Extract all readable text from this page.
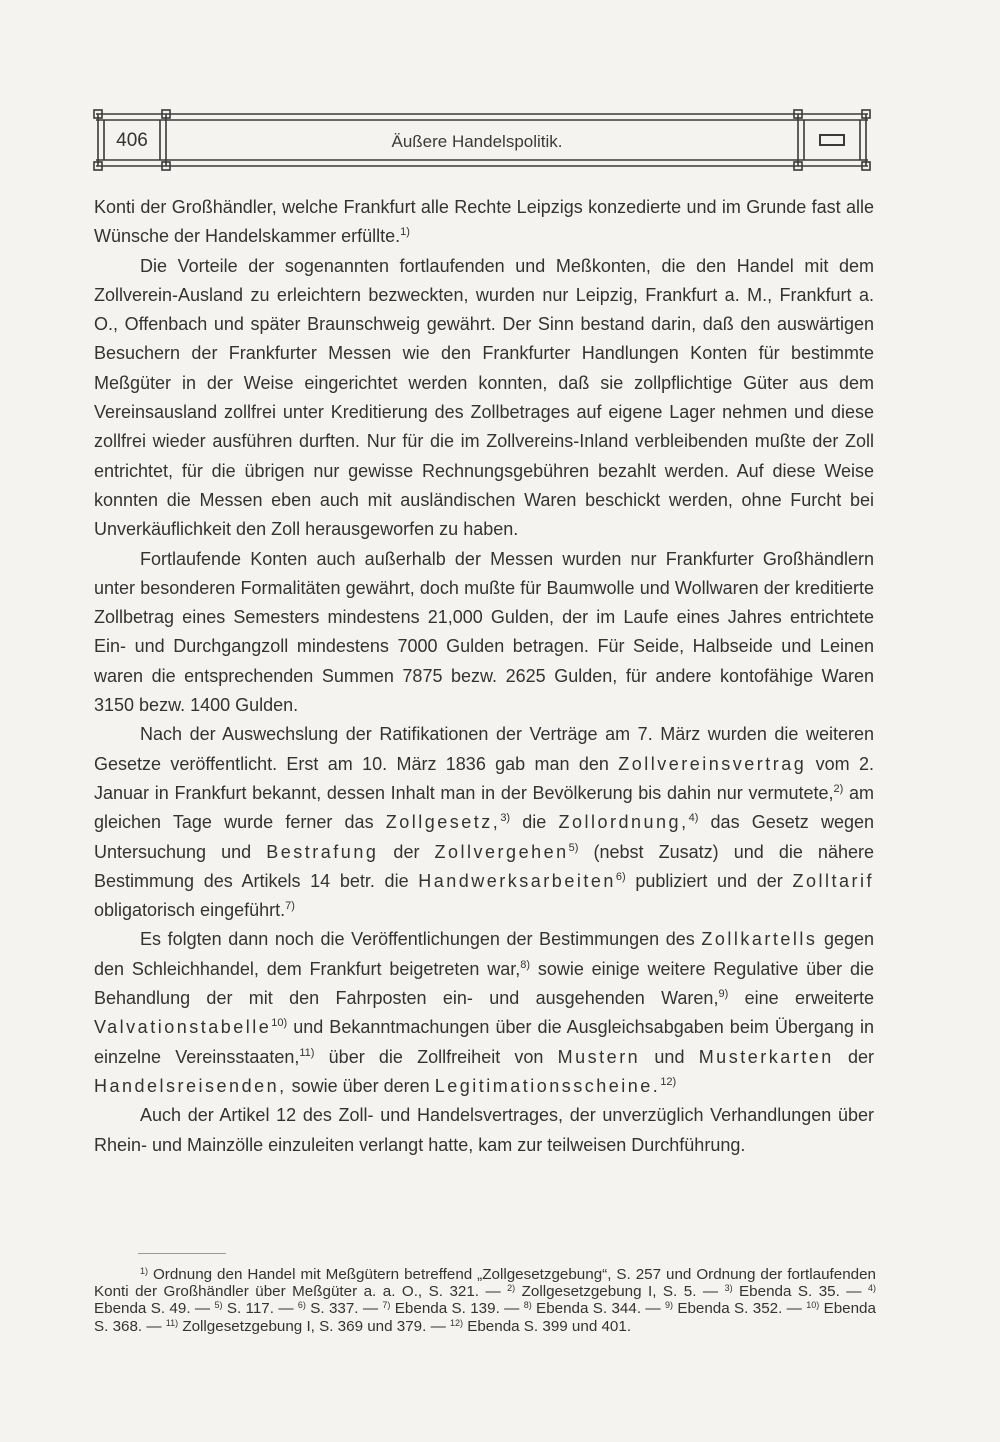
406	Äußere Handelspolitik.

Konti der Großhändler, welche Frankfurt alle Rechte Leipzigs konzedierte und im Grunde fast alle Wünsche der Handelskammer erfüllte.$^{1)}$

Die Vorteile der sogenannten fortlaufenden und Meßkonten, die den Handel mit dem Zollverein-Ausland zu erleichtern bezweckten, wurden nur Leipzig, Frankfurt a. M., Frankfurt a. O., Offenbach und später Braunschweig gewährt. Der Sinn bestand darin, daß den auswärtigen Besuchern der Frankfurter Messen wie den Frankfurter Handlungen Konten für bestimmte Meßgüter in der Weise eingerichtet werden konnten, daß sie zollpflichtige Güter aus dem Vereinsausland zollfrei unter Kreditierung des Zollbetrages auf eigene Lager nehmen und diese zollfrei wieder ausführen durften. Nur für die im Zollvereins-Inland verbleibenden mußte der Zoll entrichtet, für die übrigen nur gewisse Rechnungsgebühren bezahlt werden. Auf diese Weise konnten die Messen eben auch mit ausländischen Waren beschickt werden, ohne Furcht bei Unverkäuflichkeit den Zoll herausgeworfen zu haben.

Fortlaufende Konten auch außerhalb der Messen wurden nur Frankfurter Großhändlern unter besonderen Formalitäten gewährt, doch mußte für Baumwolle und Wollwaren der kreditierte Zollbetrag eines Semesters mindestens 21,000 Gulden, der im Laufe eines Jahres entrichtete Ein- und Durchgangzoll mindestens 7000 Gulden betragen. Für Seide, Halbseide und Leinen waren die entsprechenden Summen 7875 bezw. 2625 Gulden, für andere kontofähige Waren 3150 bezw. 1400 Gulden.

Nach der Auswechslung der Ratifikationen der Verträge am 7. März wurden die weiteren Gesetze veröffentlicht. Erst am 10. März 1836 gab man den Zollvereinsvertrag vom 2. Januar in Frankfurt bekannt, dessen Inhalt man in der Bevölkerung bis dahin nur vermutete,$^{2)}$ am gleichen Tage wurde ferner das Zollgesetz,$^{3)}$ die Zollordnung,$^{4)}$ das Gesetz wegen Untersuchung und Bestrafung der Zollvergehen$^{5)}$ (nebst Zusatz) und die nähere Bestimmung des Artikels 14 betr. die Handwerksarbeiten$^{6)}$ publiziert und der Zolltarif obligatorisch eingeführt.$^{7)}$

Es folgten dann noch die Veröffentlichungen der Bestimmungen des Zollkartells gegen den Schleichhandel, dem Frankfurt beigetreten war,$^{8)}$ sowie einige weitere Regulative über die Behandlung der mit den Fahrposten ein- und ausgehenden Waren,$^{9)}$ eine erweiterte Valvationstabelle$^{10)}$ und Bekanntmachungen über die Ausgleichsabgaben beim Übergang in einzelne Vereinsstaaten,$^{11)}$ über die Zollfreiheit von Mustern und Musterkarten der Handelsreisenden, sowie über deren Legitimationsscheine.$^{12)}$

Auch der Artikel 12 des Zoll- und Handelsvertrages, der unverzüglich Verhandlungen über Rhein- und Mainzölle einzuleiten verlangt hatte, kam zur teilweisen Durchführung.

$^{1)}$ Ordnung den Handel mit Meßgütern betreffend „Zollgesetzgebung“, S. 257 und Ordnung der fortlaufenden Konti der Großhändler über Meßgüter a. a. O., S. 321. — $^{2)}$ Zollgesetzgebung I, S. 5. — $^{3)}$ Ebenda S. 35. — $^{4)}$ Ebenda S. 49. — $^{5)}$ S. 117. — $^{6)}$ S. 337. — $^{7)}$ Ebenda S. 139. — $^{8)}$ Ebenda S. 344. — $^{9)}$ Ebenda S. 352. — $^{10)}$ Ebenda S. 368. — $^{11)}$ Zollgesetzgebung I, S. 369 und 379. — $^{12)}$ Ebenda S. 399 und 401.
